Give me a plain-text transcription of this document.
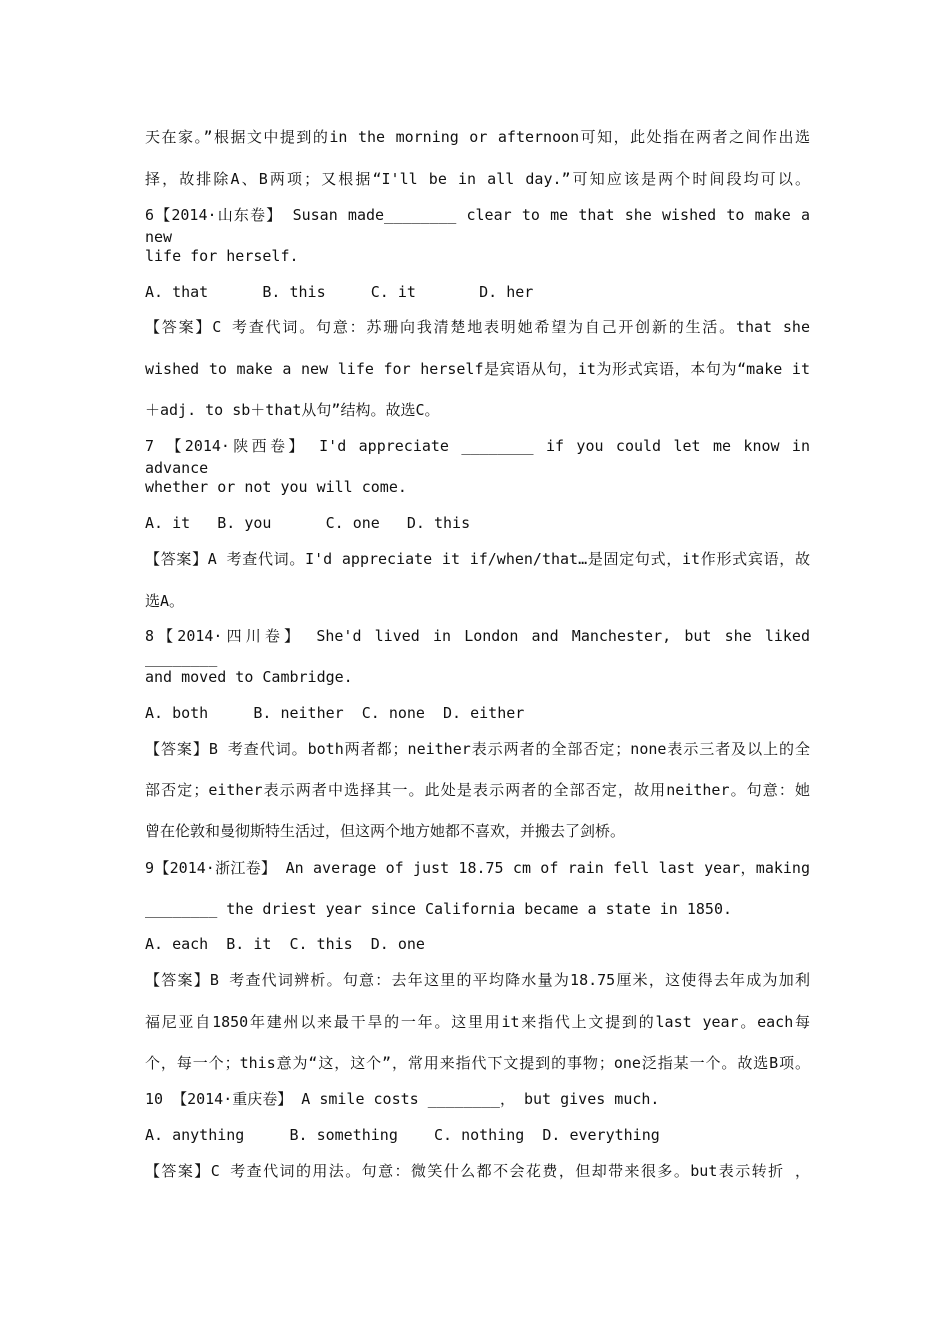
天在家。”根据文中提到的in the morning or afternoon可知，此处指在两者之间作出选
择，故排除A、B两项；又根据“I'll be in all day.”可知应该是两个时间段均可以。
6【2014·山东卷】 Susan made________ clear to me that she wished to make a new
life for herself.
A. that      B. this     C. it       D. her
【答案】C 考查代词。句意：苏珊向我清楚地表明她希望为自己开创新的生活。that she
wished to make a new life for herself是宾语从句，it为形式宾语，本句为“make it
＋adj. to sb＋that从句”结构。故选C。
7 【2014·陕西卷】 I'd appreciate ________ if you could let me know in advance
whether or not you will come.
A. it   B. you      C. one   D. this
【答案】A 考查代词。I'd appreciate it if/when/that…是固定句式，it作形式宾语，故
选A。
8【2014·四川卷】 She'd lived in London and Manchester, but she liked ________
and moved to Cambridge.
A. both     B. neither  C. none  D. either
【答案】B 考查代词。both两者都；neither表示两者的全部否定；none表示三者及以上的全
部否定；either表示两者中选择其一。此处是表示两者的全部否定，故用neither。句意：她
曾在伦敦和曼彻斯特生活过，但这两个地方她都不喜欢，并搬去了剑桥。
9【2014·浙江卷】 An average of just 18.75 cm of rain fell last year，making
________ the driest year since California became a state in 1850.
A. each  B. it  C. this  D. one
【答案】B 考查代词辨析。句意：去年这里的平均降水量为18.75厘米，这使得去年成为加利
福尼亚自1850年建州以来最干旱的一年。这里用it来指代上文提到的last year。each每
个，每一个；this意为“这，这个”，常用来指代下文提到的事物；one泛指某一个。故选B项。
10 【2014·重庆卷】 A smile costs ________， but gives much.
A. anything     B. something    C. nothing  D. everything
【答案】C 考查代词的用法。句意：微笑什么都不会花费，但却带来很多。but表示转折 ，
